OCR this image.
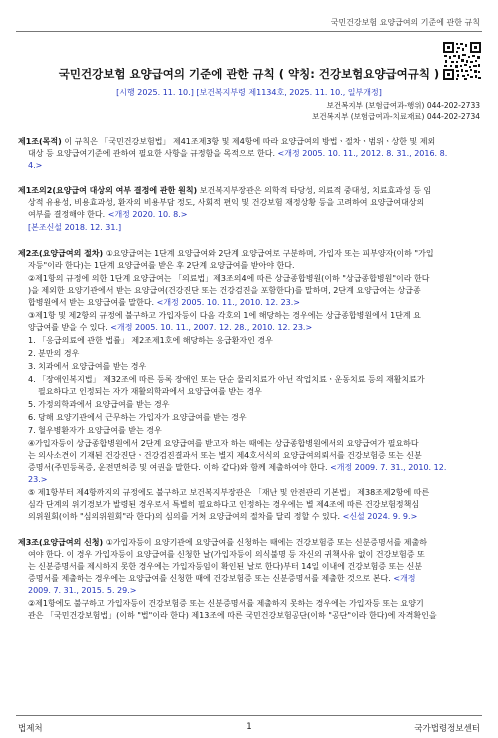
국민건강보험 요양급여의 기준에 관한 규칙
국민건강보험 요양급여의 기준에 관한 규칙 ( 약칭: 건강보험요양급여규칙 )
[시행 2025. 11. 10.] [보건복지부령 제1134호, 2025. 11. 10., 일부개정]
보건복지부 (보험급여과-행위) 044-202-2733
보건복지부 (보험급여과-치료재료) 044-202-2734
제1조(목적) 이 규칙은 「국민건강보험법」 제41조제3항 및 제4항에 따라 요양급여의 방법ㆍ절차ㆍ범위ㆍ상한 및 제외
대상 등 요양급여기준에 관하여 필요한 사항을 규정함을 목적으로 한다. <개정 2005. 10. 11., 2012. 8. 31., 2016. 8.
4.>
제1조의2(요양급여 대상의 여부 결정에 관한 원칙) 보건복지부장관은 의학적 타당성, 의료적 중대성, 치료효과성 등 임
상적 유용성, 비용효과성, 환자의 비용부담 정도, 사회적 편익 및 건강보험 재정상황 등을 고려하여 요양급여대상의
여부를 결정해야 한다. <개정 2020. 10. 8.>
[본조신설 2018. 12. 31.]
제2조(요양급여의 절차) ①요양급여는 1단계 요양급여와 2단계 요양급여로 구분하며, 가입자 또는 피부양자(이하 "가입
자등"이라 한다)는 1단계 요양급여를 받은 후 2단계 요양급여를 받아야 한다.
②제1항의 규정에 의한 1단계 요양급여는 「의료법」제3조의4에 따른 상급종합병원(이하 "상급종합병원"이라 한다
)을 제외한 요양기관에서 받는 요양급여(건강진단 또는 건강검진을 포함한다)를 말하며, 2단계 요양급여는 상급종
합병원에서 받는 요양급여를 말한다. <개정 2005. 10. 11., 2010. 12. 23.>
③제1항 및 제2항의 규정에 불구하고 가입자등이 다음 각호의 1에 해당하는 경우에는 상급종합병원에서 1단계 요
양급여를 받을 수 있다. <개정 2005. 10. 11., 2007. 12. 28., 2010. 12. 23.>
1. 「응급의료에 관한 법률」 제2조제1호에 해당하는 응급환자인 경우
2. 분만의 경우
3. 치과에서 요양급여를 받는 경우
4. 「장애인복지법」 제32조에 따른 등록 장애인 또는 단순 물리치료가 아닌 작업치료ㆍ운동치료 등의 재활치료가
필요하다고 인정되는 자가 재활의학과에서 요양급여를 받는 경우
5. 가정의학과에서 요양급여를 받는 경우
6. 당해 요양기관에서 근무하는 가입자가 요양급여를 받는 경우
7. 혈우병환자가 요양급여를 받는 경우
④가입자등이 상급종합병원에서 2단계 요양급여를 받고자 하는 때에는 상급종합병원에서의 요양급여가 필요하다
는 의사소견이 기재된 건강진단ㆍ건강검진결과서 또는 별지 제4호서식의 요양급여의뢰서를 건강보험증 또는 신분
증명서(주민등록증, 운전면허증 및 여권을 말한다. 이하 같다)와 함께 제출하여야 한다. <개정 2009. 7. 31., 2010. 12.
23.>
⑤ 제1항부터 제4항까지의 규정에도 불구하고 보건복지부장관은 「재난 및 안전관리 기본법」 제38조제2항에 따른
심각 단계의 위기경보가 발령된 경우로서 특별히 필요하다고 인정하는 경우에는 별 제4조에 따른 건강보험정책심
의위원회(이하 "심의위원회"라 한다)의 심의를 거쳐 요양급여의 절차를 달리 정할 수 있다. <신설 2024. 9. 9.>
제3조(요양급여의 신청) ①가입자등이 요양기관에 요양급여를 신청하는 때에는 건강보험증 또는 신분증명서를 제출하
여야 한다. 이 경우 가입자등이 요양급여를 신청한 날(가입자등이 의식불명 등 자신의 귀책사유 없이 건강보험증 또
는 신분증명서를 제시하지 못한 경우에는 가입자등임이 확인된 날로 한다)부터 14일 이내에 건강보험증 또는 신분
증명서를 제출하는 경우에는 요양급여를 신청한 때에 건강보험증 또는 신분증명서를 제출한 것으로 본다. <개정
2009. 7. 31., 2015. 5. 29.>
②제1항에도 불구하고 가입자등이 건강보험증 또는 신분증명서를 제출하지 못하는 경우에는 가입자등 또는 요양기
관은 「국민건강보험법」(이하 "법"이라 한다) 제13조에 따른 국민건강보험공단(이하 "공단"이라 한다)에 자격확인을
법제처	1	국가법령정보센터
